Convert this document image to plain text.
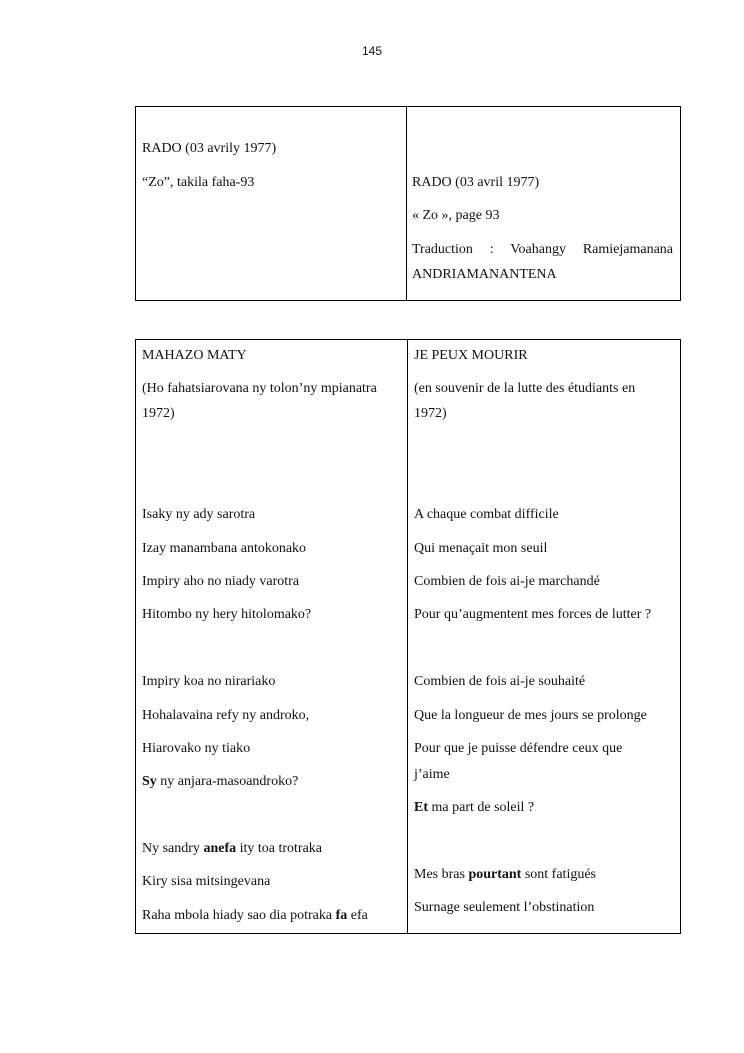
145
RADO (03 avrily 1977)
“Zo”, takila faha-93	RADO (03 avril 1977)
« Zo », page 93
Traduction : Voahangy Ramiejamanana
ANDRIAMANANTENA
MAHAZO MATY
(Ho fahatsiarovana ny tolon’ny mpianatra
1972)
Isaky ny ady sarotra
Izay manambana antokonako
Impiry aho no niady varotra
Hitombo ny hery hitolomako?
Impiry koa no nirariako
Hohalavaina refy ny androko,
Hiarovako ny tiako
Sy ny anjara-masoandroko?
Ny sandry anefa ity toa trotraka
Kiry sisa mitsingevana
Raha mbola hiady sao dia potraka fa efa
JE PEUX MOURIR
(en souvenir de la lutte des étudiants en
1972)
A chaque combat difficile
Qui menaçait mon seuil
Combien de fois ai-je marchandé
Pour qu’augmentent mes forces de lutter ?
Combien de fois ai-je souhaité
Que la longueur de mes jours se prolonge
Pour que je puisse défendre ceux que
j’aime
Et ma part de soleil ?
Mes bras pourtant sont fatigués
Surnage seulement l’obstination
